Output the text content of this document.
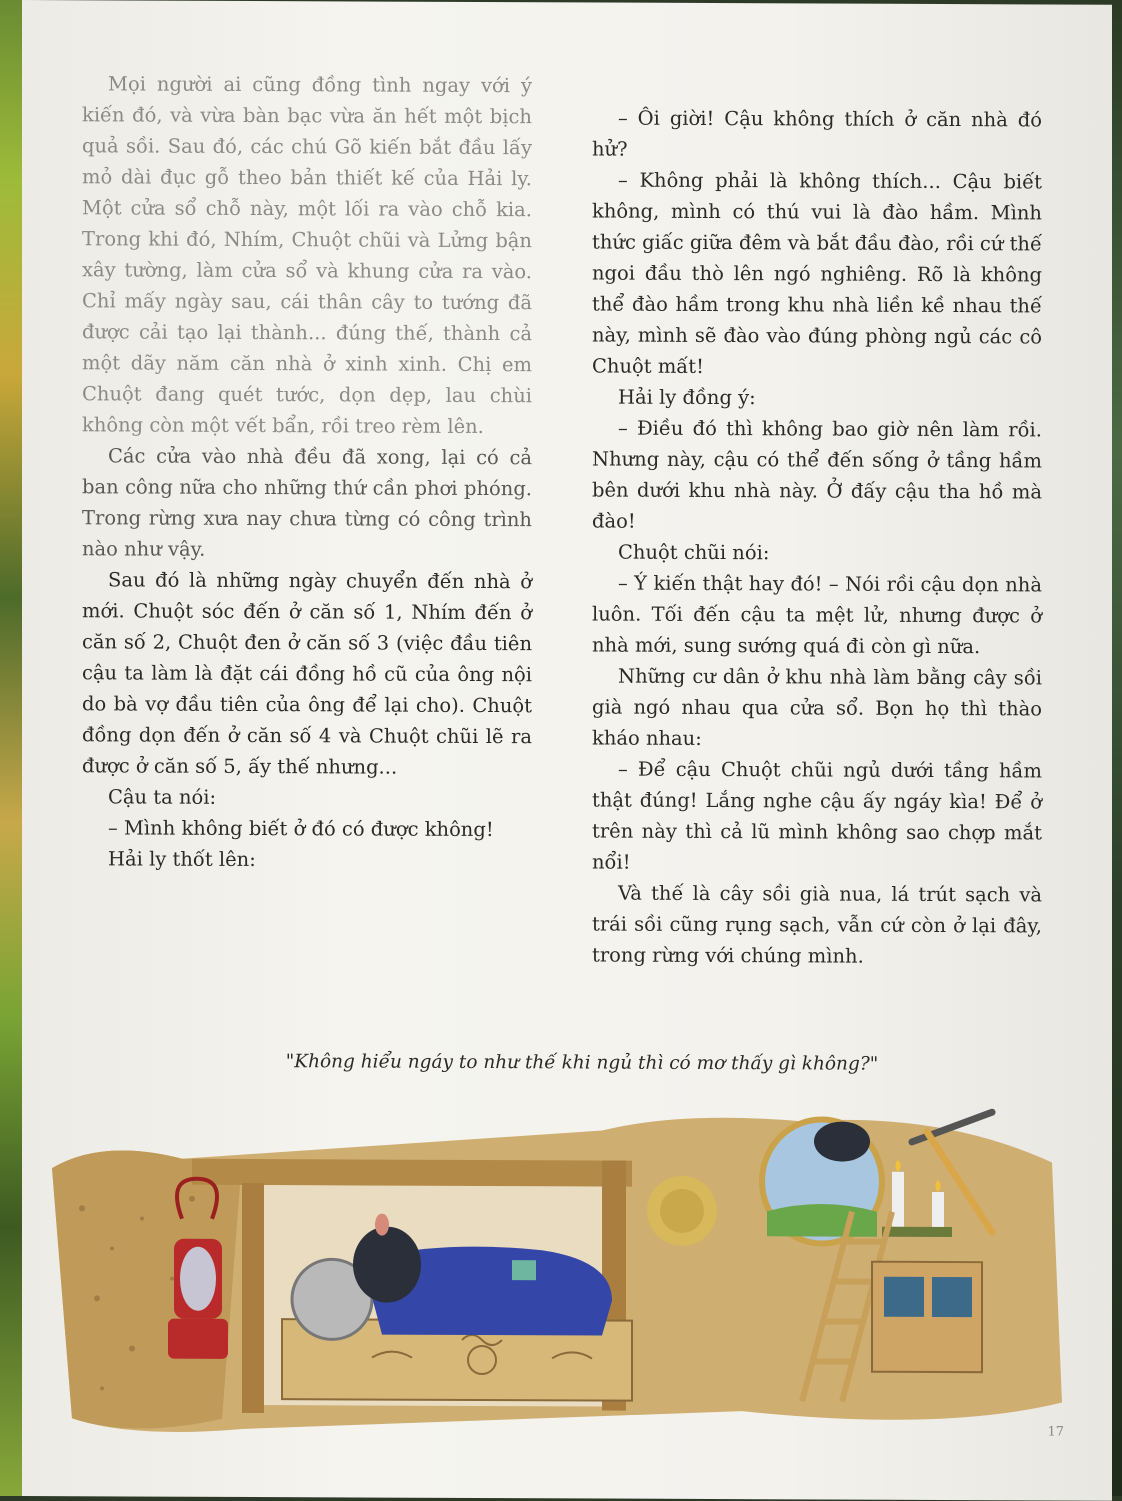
Mọi người ai cũng đồng tình ngay với ý kiến đó, và vừa bàn bạc vừa ăn hết một bịch quả sồi. Sau đó, các chú Gõ kiến bắt đầu lấy mỏ dài đục gỗ theo bản thiết kế của Hải ly. Một cửa sổ chỗ này, một lối ra vào chỗ kia. Trong khi đó, Nhím, Chuột chũi và Lửng bận xây tường, làm cửa sổ và khung cửa ra vào. Chỉ mấy ngày sau, cái thân cây to tướng đã được cải tạo lại thành... đúng thế, thành cả một dãy năm căn nhà ở xinh xinh. Chị em Chuột đang quét tước, dọn dẹp, lau chùi không còn một vết bẩn, rồi treo rèm lên.

Các cửa vào nhà đều đã xong, lại có cả ban công nữa cho những thứ cần phơi phóng. Trong rừng xưa nay chưa từng có công trình nào như vậy.

Sau đó là những ngày chuyển đến nhà ở mới. Chuột sóc đến ở căn số 1, Nhím đến ở căn số 2, Chuột đen ở căn số 3 (việc đầu tiên cậu ta làm là đặt cái đồng hồ cũ của ông nội do bà vợ đầu tiên của ông để lại cho). Chuột đồng dọn đến ở căn số 4 và Chuột chũi lẽ ra được ở căn số 5, ấy thế nhưng...

Cậu ta nói:

– Mình không biết ở đó có được không!

Hải ly thốt lên:

– Ôi giời! Cậu không thích ở căn nhà đó hử?

– Không phải là không thích... Cậu biết không, mình có thú vui là đào hầm. Mình thức giấc giữa đêm và bắt đầu đào, rồi cứ thế ngoi đầu thò lên ngó nghiêng. Rõ là không thể đào hầm trong khu nhà liền kề nhau thế này, mình sẽ đào vào đúng phòng ngủ các cô Chuột mất!

Hải ly đồng ý:

– Điều đó thì không bao giờ nên làm rồi. Nhưng này, cậu có thể đến sống ở tầng hầm bên dưới khu nhà này. Ở đấy cậu tha hồ mà đào!

Chuột chũi nói:

– Ý kiến thật hay đó! – Nói rồi cậu dọn nhà luôn. Tối đến cậu ta mệt lử, nhưng được ở nhà mới, sung sướng quá đi còn gì nữa.

Những cư dân ở khu nhà làm bằng cây sồi già ngó nhau qua cửa sổ. Bọn họ thì thào kháo nhau:

– Để cậu Chuột chũi ngủ dưới tầng hầm thật đúng! Lắng nghe cậu ấy ngáy kìa! Để ở trên này thì cả lũ mình không sao chợp mắt nổi!

Và thế là cây sồi già nua, lá trút sạch và trái sồi cũng rụng sạch, vẫn cứ còn ở lại đây, trong rừng với chúng mình.

"Không hiểu ngáy to như thế khi ngủ thì có mơ thấy gì không?"
17
